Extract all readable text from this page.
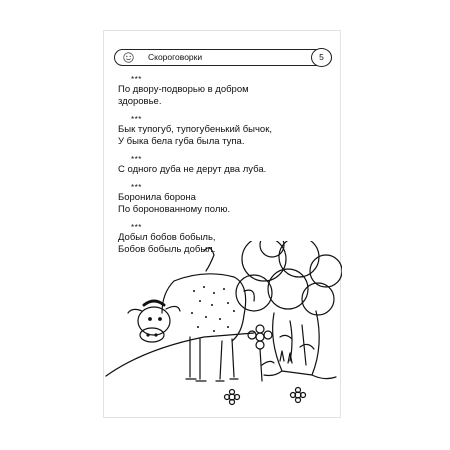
Скороговорки	5
***
По двору-подворью в добром
здоровье.
***
Бык тупогуб, тупогубенький бычок,
У быка бела губа была тупа.
***
С одного дуба не дерут два луба.
***
Боронила борона
По боронованному полю.
***
Добыл бобов бобыль,
Бобов бобыль добыл.
